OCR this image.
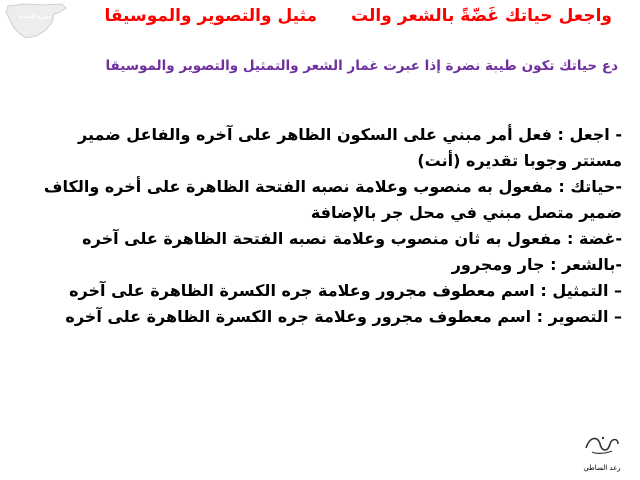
سوريا الحبيبة	واجعل حياتك غَضّةً بالشعر والتمثيل والتصوير والموسيقا
دع حياتك تكون طيبة نضرة إذا عبرت غمار الشعر والتمثيل والتصوير والموسيقا

- اجعل : فعل أمر مبني على السكون الظاهر على آخره والفاعل ضمير

مستتر وجوبا تقديره (أنت)

-حياتك : مفعول به منصوب وعلامة نصبه الفتحة الظاهرة على أخره والكاف

ضمير متصل مبني في محل جر بالإضافة

-غضة : مفعول به ثان منصوب وعلامة نصبه الفتحة الظاهرة على آخره

-بالشعر : جار ومجرور

– التمثيل : اسم معطوف مجرور وعلامة جره الكسرة الظاهرة على آخره

– التصوير : اسم معطوف مجرور وعلامة جره الكسرة الظاهرة على آخره

رعد الساطي
